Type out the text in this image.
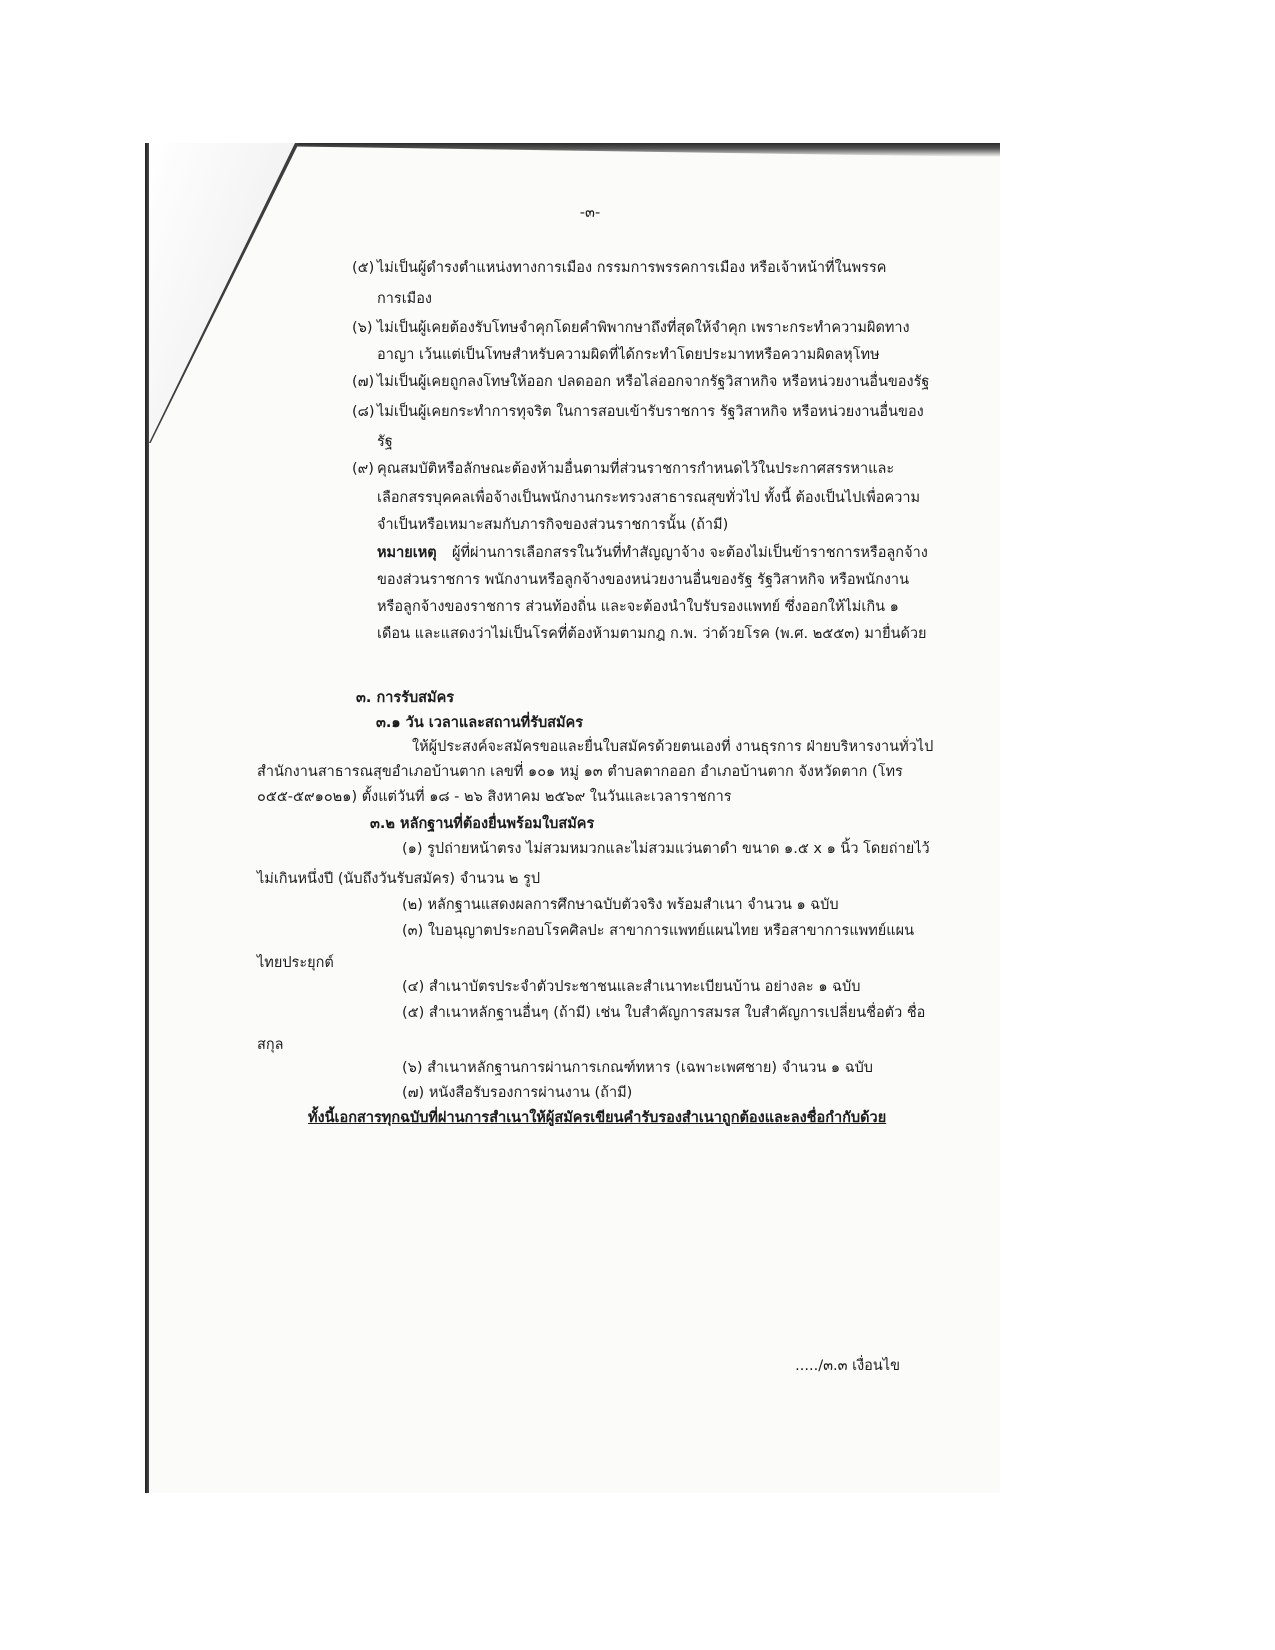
-๓-
(๕) ไม่เป็นผู้ดำรงตำแหน่งทางการเมือง กรรมการพรรคการเมือง หรือเจ้าหน้าที่ในพรรค
การเมือง
(๖) ไม่เป็นผู้เคยต้องรับโทษจำคุกโดยคำพิพากษาถึงที่สุดให้จำคุก เพราะกระทำความผิดทาง
อาญา เว้นแต่เป็นโทษสำหรับความผิดที่ได้กระทำโดยประมาทหรือความผิดลหุโทษ
(๗) ไม่เป็นผู้เคยถูกลงโทษให้ออก ปลดออก หรือไล่ออกจากรัฐวิสาหกิจ หรือหน่วยงานอื่นของรัฐ
(๘) ไม่เป็นผู้เคยกระทำการทุจริต ในการสอบเข้ารับราชการ รัฐวิสาหกิจ หรือหน่วยงานอื่นของ
รัฐ
(๙) คุณสมบัติหรือลักษณะต้องห้ามอื่นตามที่ส่วนราชการกำหนดไว้ในประกาศสรรหาและ
เลือกสรรบุคคลเพื่อจ้างเป็นพนักงานกระทรวงสาธารณสุขทั่วไป ทั้งนี้ ต้องเป็นไปเพื่อความ
จำเป็นหรือเหมาะสมกับภารกิจของส่วนราชการนั้น (ถ้ามี)
หมายเหตุ ผู้ที่ผ่านการเลือกสรรในวันที่ทำสัญญาจ้าง จะต้องไม่เป็นข้าราชการหรือลูกจ้าง
ของส่วนราชการ พนักงานหรือลูกจ้างของหน่วยงานอื่นของรัฐ รัฐวิสาหกิจ หรือพนักงาน
หรือลูกจ้างของราชการ ส่วนท้องถิ่น และจะต้องนำใบรับรองแพทย์ ซึ่งออกให้ไม่เกิน ๑
เดือน และแสดงว่าไม่เป็นโรคที่ต้องห้ามตามกฎ ก.พ. ว่าด้วยโรค (พ.ศ. ๒๕๕๓) มายื่นด้วย
๓. การรับสมัคร
๓.๑ วัน เวลาและสถานที่รับสมัคร
ให้ผู้ประสงค์จะสมัครขอและยื่นใบสมัครด้วยตนเองที่ งานธุรการ ฝ่ายบริหารงานทั่วไป
สำนักงานสาธารณสุขอำเภอบ้านตาก เลขที่ ๑๐๑ หมู่ ๑๓ ตำบลตากออก อำเภอบ้านตาก จังหวัดตาก (โทร
๐๕๕-๕๙๑๐๒๑) ตั้งแต่วันที่ ๑๘ - ๒๖ สิงหาคม ๒๕๖๙ ในวันและเวลาราชการ
๓.๒ หลักฐานที่ต้องยื่นพร้อมใบสมัคร
(๑) รูปถ่ายหน้าตรง ไม่สวมหมวกและไม่สวมแว่นตาดำ ขนาด ๑.๕ x ๑ นิ้ว โดยถ่ายไว้
ไม่เกินหนึ่งปี (นับถึงวันรับสมัคร) จำนวน ๒ รูป
(๒) หลักฐานแสดงผลการศึกษาฉบับตัวจริง พร้อมสำเนา จำนวน ๑ ฉบับ
(๓) ใบอนุญาตประกอบโรคศิลปะ สาขาการแพทย์แผนไทย หรือสาขาการแพทย์แผน
ไทยประยุกต์
(๔) สำเนาบัตรประจำตัวประชาชนและสำเนาทะเบียนบ้าน อย่างละ ๑ ฉบับ
(๕) สำเนาหลักฐานอื่นๆ (ถ้ามี) เช่น ใบสำคัญการสมรส ใบสำคัญการเปลี่ยนชื่อตัว ชื่อ
สกุล
(๖) สำเนาหลักฐานการผ่านการเกณฑ์ทหาร (เฉพาะเพศชาย) จำนวน ๑ ฉบับ
(๗) หนังสือรับรองการผ่านงาน (ถ้ามี)
ทั้งนี้เอกสารทุกฉบับที่ผ่านการสำเนาให้ผู้สมัครเขียนคำรับรองสำเนาถูกต้องและลงชื่อกำกับด้วย
...../๓.๓ เงื่อนไข
